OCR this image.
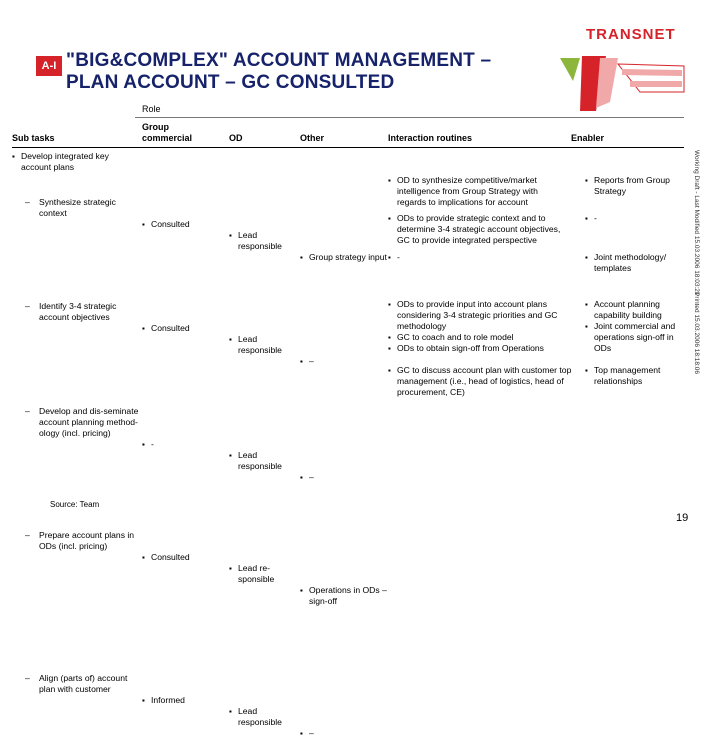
A-I "BIG&COMPLEX" ACCOUNT MANAGEMENT –
PLAN ACCOUNT – GC CONSULTED
TRANSNET
Role
Sub tasks
Group
commercial	OD	Other	Interaction routines	Enabler
▪ Develop integrated key account plans
– Synthesize strategic context
▪ Consulted
▪ Lead responsible
▪ Group strategy input
▪ OD to synthesize competitive/market intelligence from Group Strategy with regards to implications for account
▪ Reports from Group Strategy
– Identify 3-4 strategic account objectives
▪ Consulted
▪ Lead responsible
▪ –
▪ ODs to provide strategic context and to determine 3-4 strategic account objectives, GC to provide integrated perspective
▪ -
– Develop and dis-seminate account planning method-ology (incl. pricing)
▪ -
▪ Lead responsible
▪ –
▪ -
▪	Joint methodology/ templates
– Prepare account plans in ODs (incl. pricing)
▪ Consulted
▪ Lead re-sponsible
▪ Operations in ODs – sign-off
▪ ODs to provide input into account plans considering 3-4 strategic priorities and GC methodology
▪ GC to coach and to role model
▪ ODs to obtain sign-off from Operations
▪ Account planning capability building
▪ Joint commercial and operations sign-off in ODs
– Align (parts of) account plan with customer
▪ Informed
▪ Lead responsible
▪ –
▪ GC to discuss account plan with customer top management (i.e., head of logistics, head of procurement, CE)
▪ Top management relationships
Working Draft - Last Modified 15.03.2006 18:03:21
Printed 15.03.2006 18:18:06
Source: Team
19
